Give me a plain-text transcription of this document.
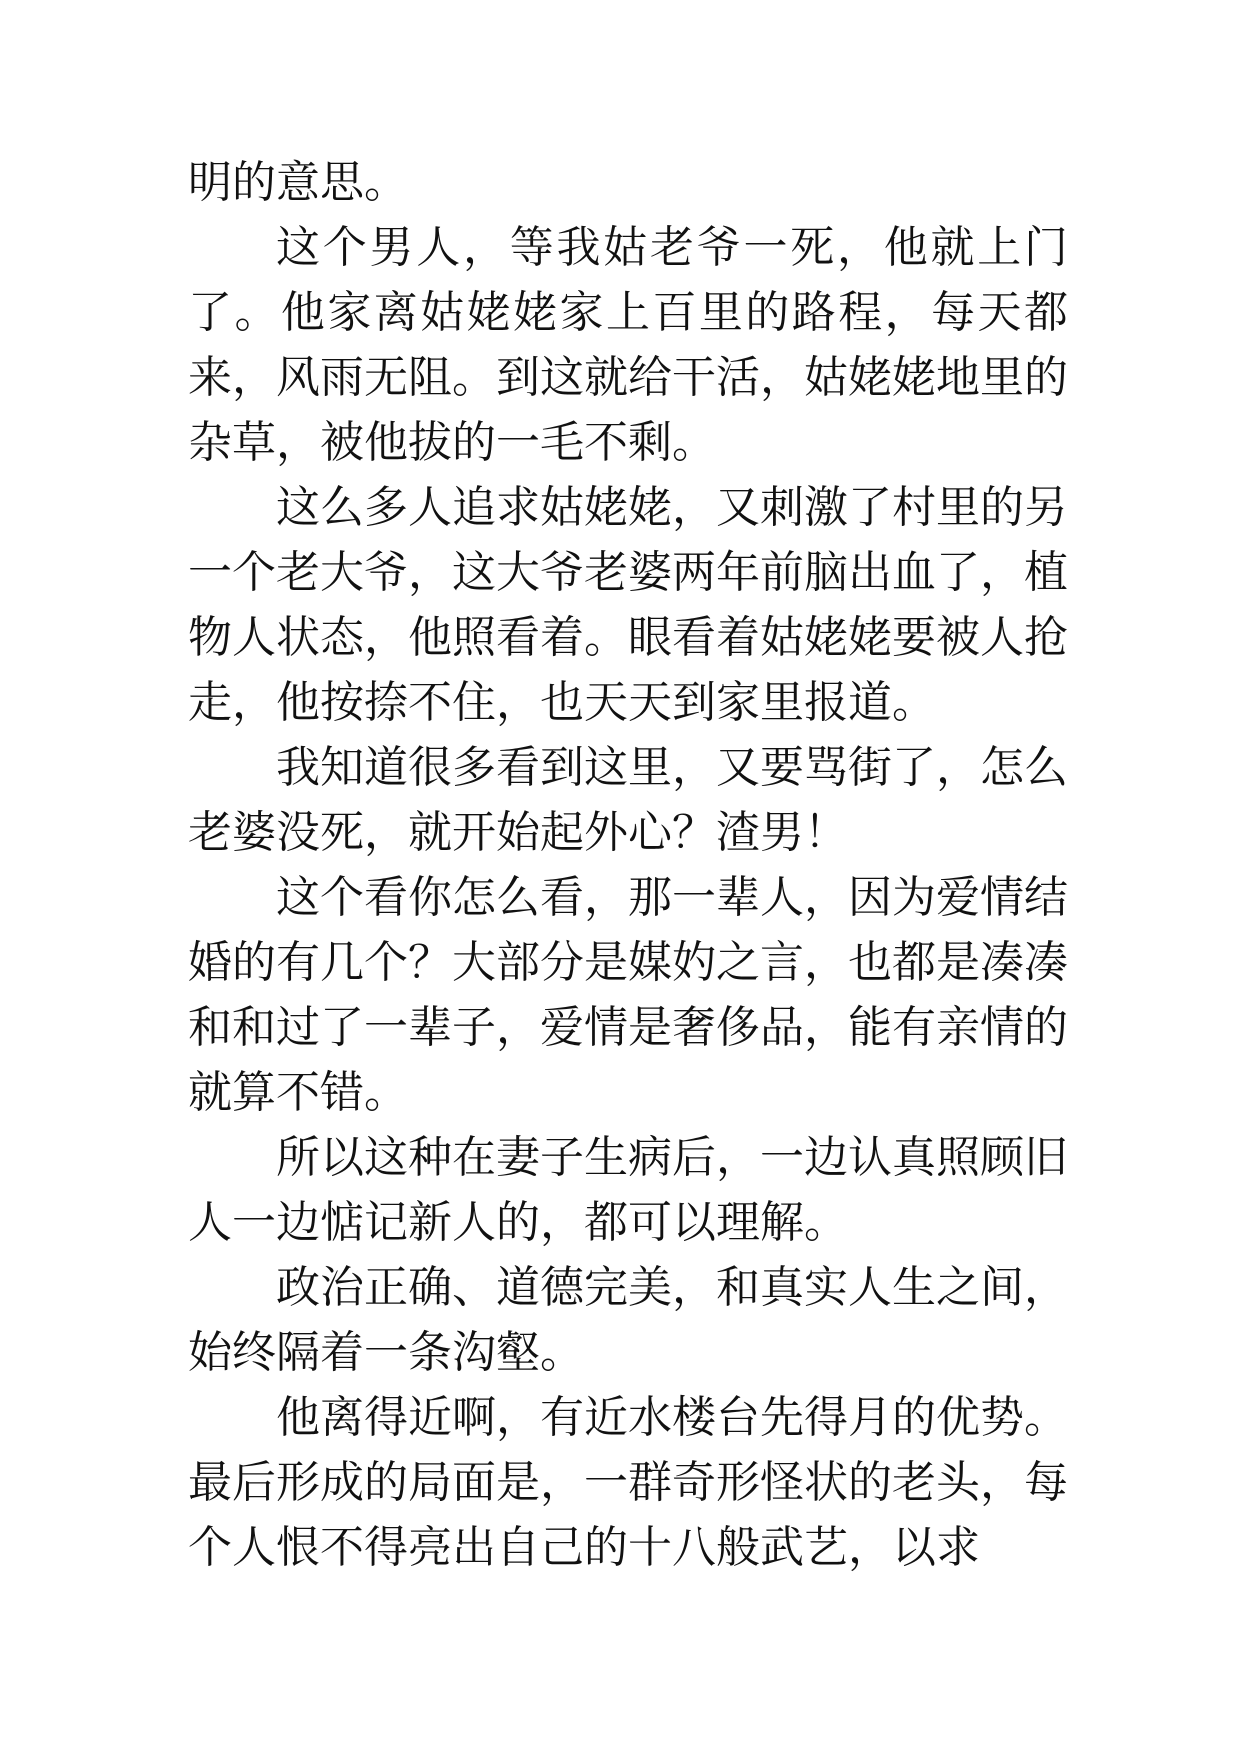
明的意思。

这个男人，等我姑老爷一死，他就上门了。他家离姑姥姥家上百里的路程，每天都来，风雨无阻。到这就给干活，姑姥姥地里的杂草，被他拔的一毛不剩。

这么多人追求姑姥姥，又刺激了村里的另一个老大爷，这大爷老婆两年前脑出血了，植物人状态，他照看着。眼看着姑姥姥要被人抢走，他按捺不住，也天天到家里报道。

我知道很多看到这里，又要骂街了，怎么老婆没死，就开始起外心？渣男！

这个看你怎么看，那一辈人，因为爱情结婚的有几个？大部分是媒妁之言，也都是凑凑和和过了一辈子，爱情是奢侈品，能有亲情的就算不错。

所以这种在妻子生病后，一边认真照顾旧人一边惦记新人的，都可以理解。

政治正确、道德完美，和真实人生之间，始终隔着一条沟壑。

他离得近啊，有近水楼台先得月的优势。最后形成的局面是，一群奇形怪状的老头，每个人恨不得亮出自己的十八般武艺，以求
